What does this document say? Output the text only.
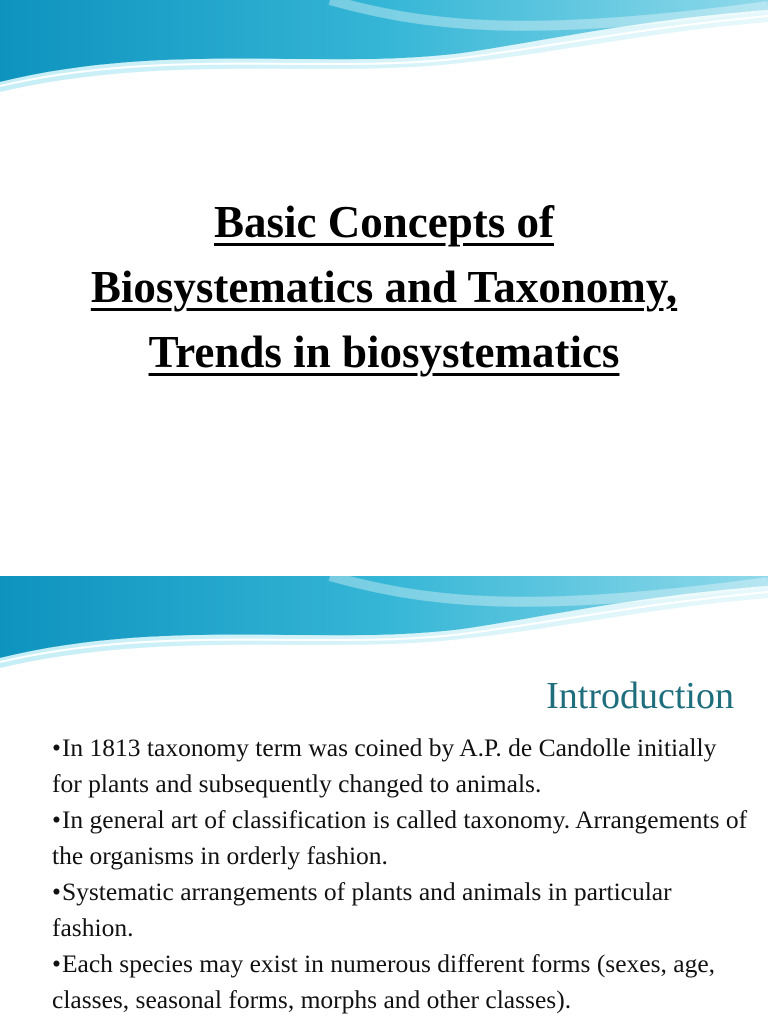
Basic Concepts of
Biosystematics and Taxonomy,
Trends in biosystematics
Introduction
•In 1813 taxonomy term was coined by A.P. de Candolle initially for plants and subsequently changed to animals.
•In general art of classification is called taxonomy. Arrangements of the organisms in orderly fashion.
•Systematic arrangements of plants and animals in particular fashion.
•Each species may exist in numerous different forms (sexes, age, classes, seasonal forms, morphs and other classes).
